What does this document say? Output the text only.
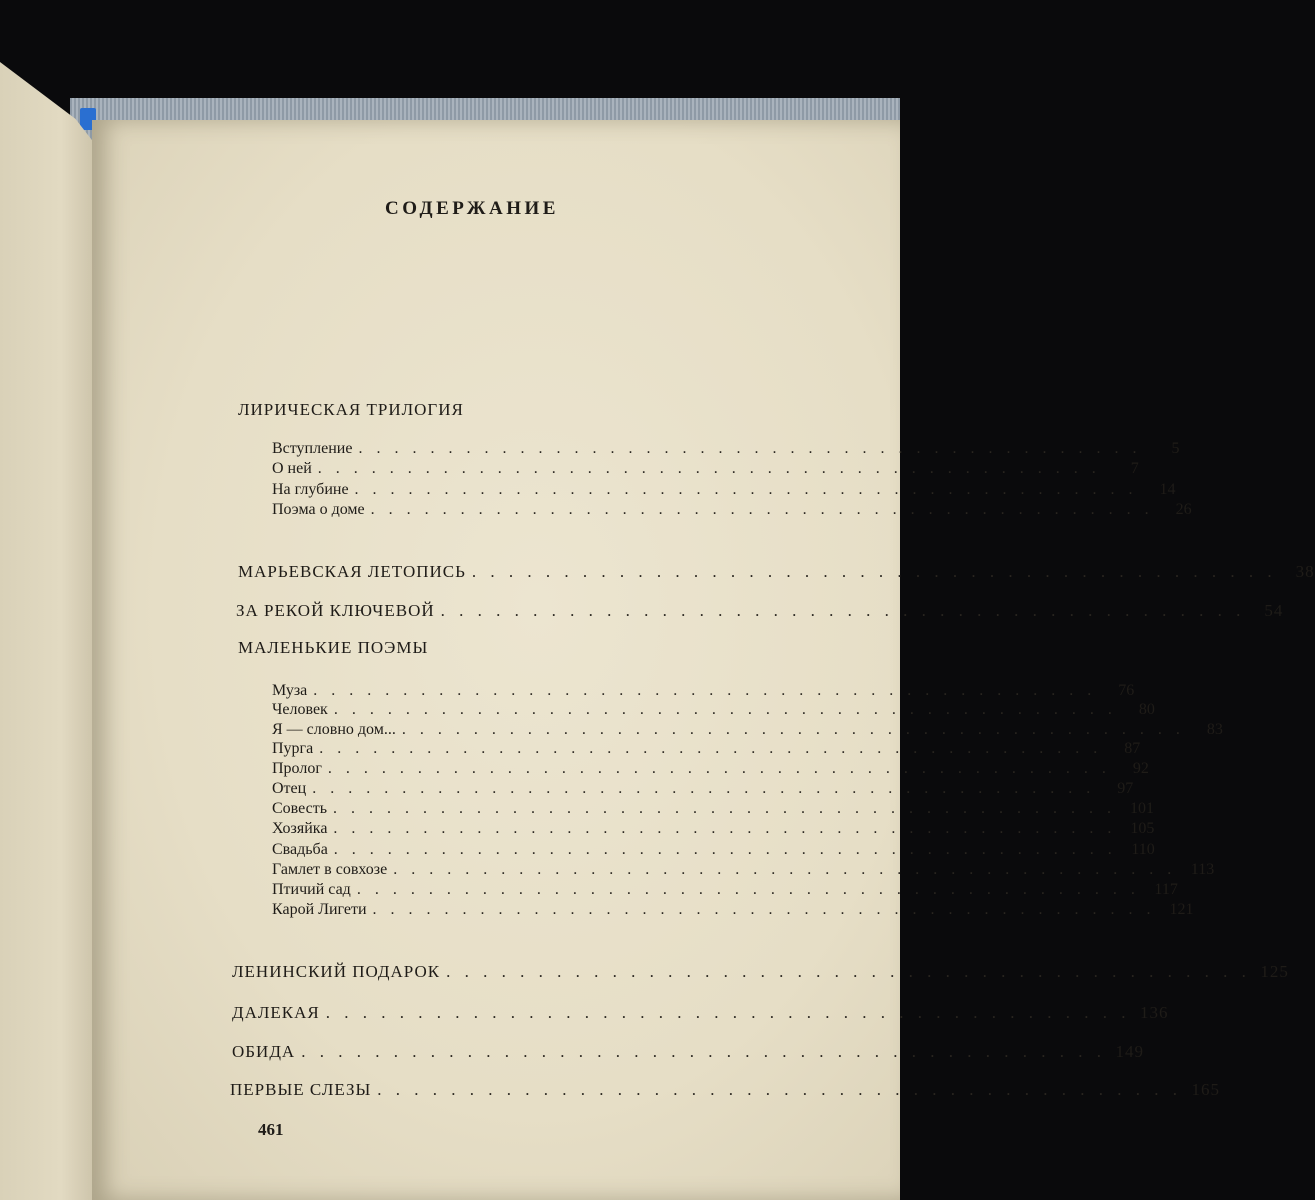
СОДЕРЖАНИЕ
ЛИРИЧЕСКАЯ ТРИЛОГИЯ
Вступление . . . . . . . . . . . . . . . . . . . . . . . . . . . . . . . . . . . . . . . . . . . .	5
О ней . . . . . . . . . . . . . . . . . . . . . . . . . . . . . . . . . . . . . . . . . . . .	7
На глубине . . . . . . . . . . . . . . . . . . . . . . . . . . . . . . . . . . . . . . . . . . . .	14
Поэма о доме . . . . . . . . . . . . . . . . . . . . . . . . . . . . . . . . . . . . . . . . . . . .	26
МАРЬЕВСКАЯ ЛЕТОПИСЬ . . . . . . . . . . . . . . . . . . . . . . . . . . . . . . . . . . . . . . . . . . . .	38
ЗА РЕКОЙ КЛЮЧЕВОЙ . . . . . . . . . . . . . . . . . . . . . . . . . . . . . . . . . . . . . . . . . . . .	54
МАЛЕНЬКИЕ ПОЭМЫ
Муза . . . . . . . . . . . . . . . . . . . . . . . . . . . . . . . . . . . . . . . . . . . .	76
Человек . . . . . . . . . . . . . . . . . . . . . . . . . . . . . . . . . . . . . . . . . . . .	80
Я — словно дом... . . . . . . . . . . . . . . . . . . . . . . . . . . . . . . . . . . . . . . . . . . . .	83
Пурга . . . . . . . . . . . . . . . . . . . . . . . . . . . . . . . . . . . . . . . . . . . .	87
Пролог . . . . . . . . . . . . . . . . . . . . . . . . . . . . . . . . . . . . . . . . . . . .	92
Отец . . . . . . . . . . . . . . . . . . . . . . . . . . . . . . . . . . . . . . . . . . . .	97
Совесть . . . . . . . . . . . . . . . . . . . . . . . . . . . . . . . . . . . . . . . . . . . . 101
Хозяйка . . . . . . . . . . . . . . . . . . . . . . . . . . . . . . . . . . . . . . . . . . . . 105
Свадьба . . . . . . . . . . . . . . . . . . . . . . . . . . . . . . . . . . . . . . . . . . . . 110
Гамлет в совхозе . . . . . . . . . . . . . . . . . . . . . . . . . . . . . . . . . . . . . . . . . . . . 113
Птичий сад . . . . . . . . . . . . . . . . . . . . . . . . . . . . . . . . . . . . . . . . . . . . 117
Карой Лигети . . . . . . . . . . . . . . . . . . . . . . . . . . . . . . . . . . . . . . . . . . . . 121
ЛЕНИНСКИЙ ПОДАРОК . . . . . . . . . . . . . . . . . . . . . . . . . . . . . . . . . . . . . . . . . . . . 125
ДАЛЕКАЯ . . . . . . . . . . . . . . . . . . . . . . . . . . . . . . . . . . . . . . . . . . . . 136
ОБИДА . . . . . . . . . . . . . . . . . . . . . . . . . . . . . . . . . . . . . . . . . . . . 149
ПЕРВЫЕ СЛЕЗЫ . . . . . . . . . . . . . . . . . . . . . . . . . . . . . . . . . . . . . . . . . . . . 165
461
